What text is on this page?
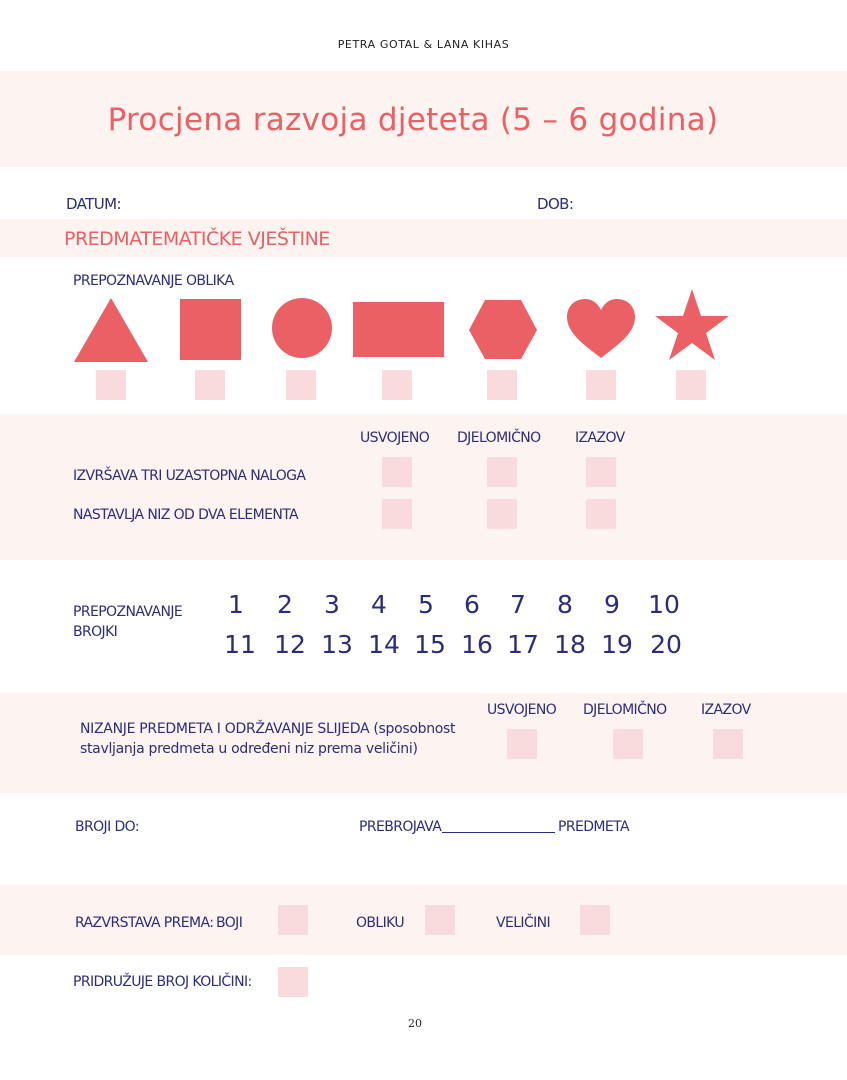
PETRA GOTAL & LANA KIHAS
Procjena razvoja djeteta (5 – 6 godina)
DATUM:	DOB:
PREDMATEMATIČKE VJEŠTINE
PREPOZNAVANJE OBLIKA
USVOJENO DJELOMIČNO IZAZOV
IZVRŠAVA TRI UZASTOPNA NALOGA
NASTAVLJA NIZ OD DVA ELEMENTA
PREPOZNAVANJE
BROJKI
1	2	3	4	5	6	7	8	9	10
11 12 13 14 15 16 17 18 19 20
USVOJENO DJELOMIČNO IZAZOV
NIZANJE PREDMETA I ODRŽAVANJE SLIJEDA (sposobnost
stavljanja predmeta u određeni niz prema veličini)
BROJI DO:	PREBROJAVA	PREDMETA
RAZVRSTAVA PREMA: BOJI	OBLIKU	VELIČINI
PRIDRUŽUJE BROJ KOLIČINI:
20
